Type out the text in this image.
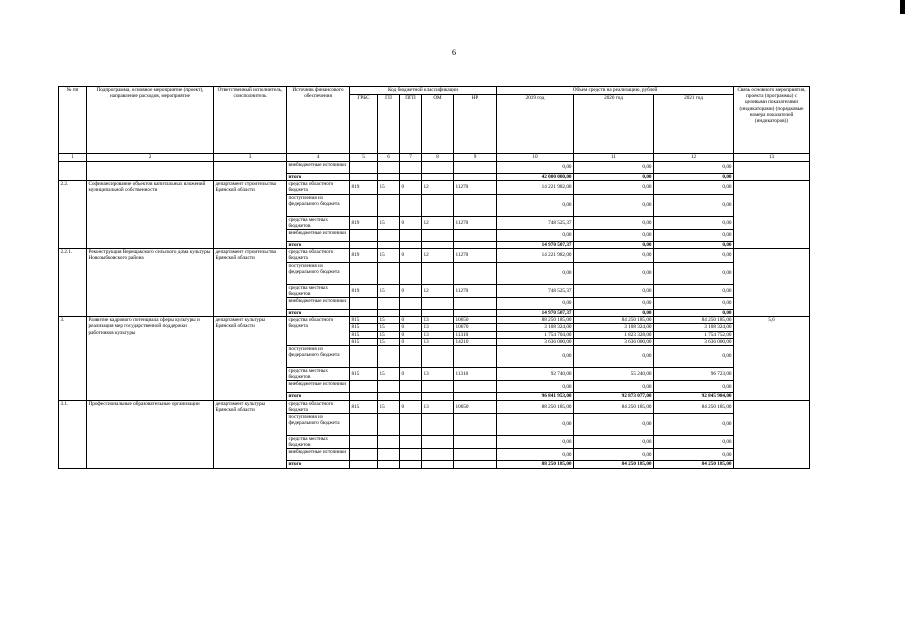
6
№ пп	Подпрограмма, основное мероприятие (проект), направление расходов, мероприятие	Ответственный исполнитель, соисполнитель	Источник финансового обеспечения	Код бюджетной классификации					Объем средств на реализацию, рублей			Связь основного мероприятия, проекта (программы) с целевыми показателями (индикаторами) (порядковые номера показателей (индикаторов))
				ГРБС	ГП	ПГП	ОМ	НР	2019 год	2020 год	2021 год	
1	2	3	4	5	6	7	8	9	10	11	12	13
			внебюджетные источники						0,00	0,00	0,00	
			итого						42 000 000,00	0,00	0,00	
2.2.	Софинансирование объектов капитальных вложений муниципальной собственности	департамент строительства Брянской области	средства областного бюджета	819	15	0	12	11270	14 221 982,00	0,00	0,00	
			поступления из федерального бюджета						0,00	0,00	0,00	
			средства местных бюджетов	819	15	0	12	11270	748 525,37	0,00	0,00	
			внебюджетные источники						0,00	0,00	0,00	
			итого						14 970 507,37	0,00	0,00	
2.2.1.	Реконструкция Верещакского сельского дома культуры Новозыбковского района	департамент строительства Брянской области	средства областного бюджета	819	15	0	12	11270	14 221 982,00	0,00	0,00	
			поступления из федерального бюджета						0,00	0,00	0,00	
			средства местных бюджетов	819	15	0	12	11270	748 525,37	0,00	0,00	
			внебюджетные источники						0,00	0,00	0,00	
			итого						14 970 507,37	0,00	0,00	
3.	Развитие кадрового потенциала сферы культуры и реализация мер государственной поддержки работников культуры	департамент культуры Брянской области	средства областного бюджета	815	15	0	13	10650	88 250 185,00	84 250 185,00	84 250 185,00	5,6
				815	15	0	13	10670	3 108 324,00	3 108 324,00	3 108 324,00	
				815	15	0	13	11310	1 754 704,00	1 823 328,00	1 754 752,00	
				815	15	0	13	14210	3 636 000,00	3 636 000,00	3 636 000,00	
			поступления из федерального бюджета						0,00	0,00	0,00	
			средства местных бюджетов	815	15	0	13	11310	92 740,00	55 240,00	96 723,00	
			внебюджетные источники						0,00	0,00	0,00	
			итого						96 841 953,00	92 873 077,00	92 845 984,00	
3.1.	Профессиональные образовательные организации	департамент культуры Брянской области	средства областного бюджета	815	15	0	13	10650	88 250 185,00	84 250 185,00	84 250 185,00	
			поступления из федерального бюджета						0,00	0,00	0,00	
			средства местных бюджетов						0,00	0,00	0,00	
			внебюджетные источники						0,00	0,00	0,00	
			итого						88 250 185,00	84 250 185,00	84 250 185,00	
